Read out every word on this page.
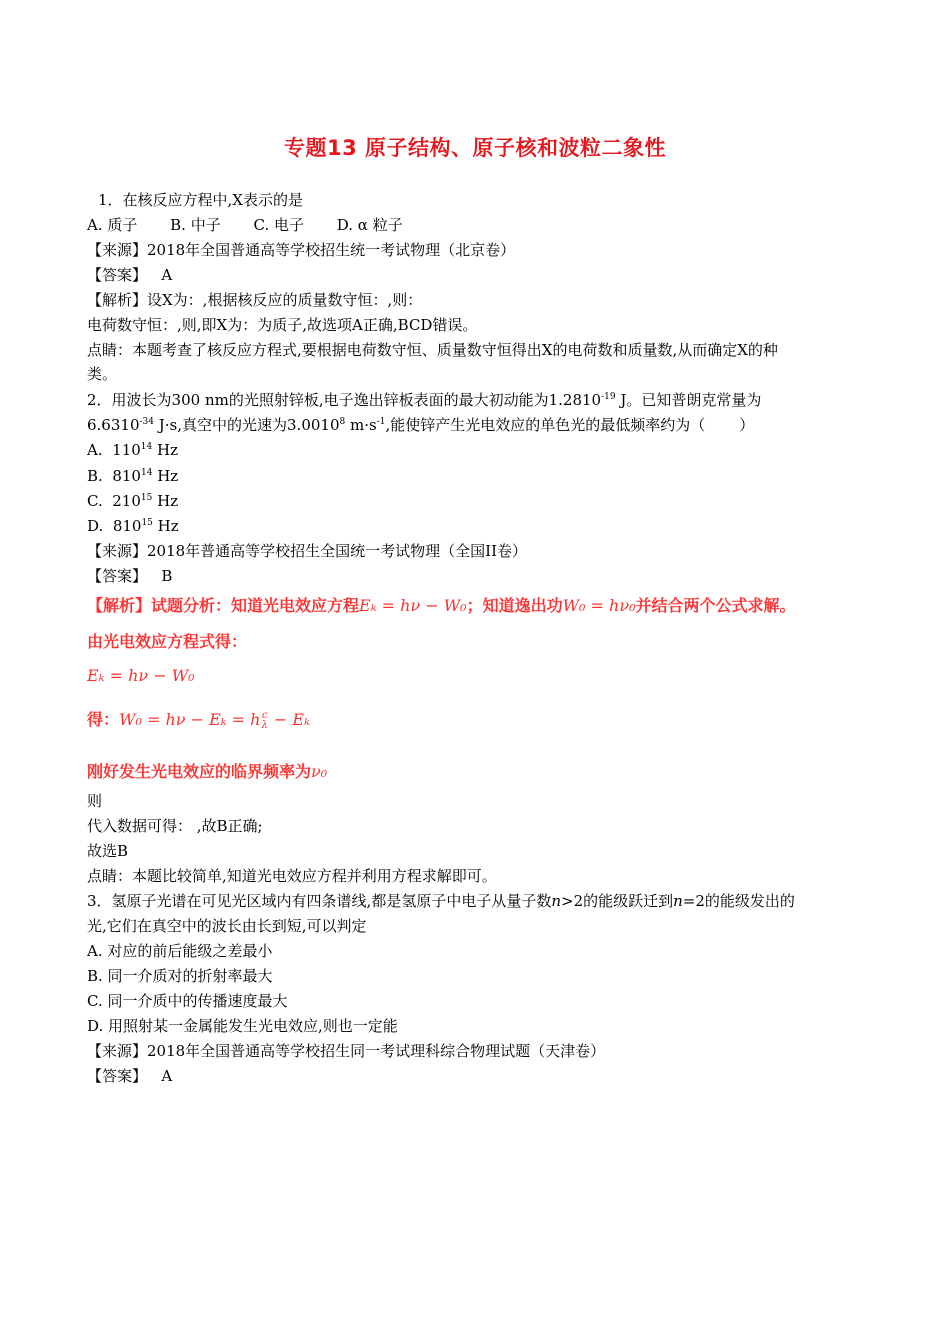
专题13 原子结构、原子核和波粒二象性
1．在核反应方程中,X表示的是
A. 质子 B. 中子 C. 电子 D. α 粒子
【来源】2018年全国普通高等学校招生统一考试物理（北京卷）
【答案】 A
【解析】设X为：,根据核反应的质量数守恒：,则：
电荷数守恒：,则,即X为：为质子,故选项A正确,BCD错误。
点睛：本题考查了核反应方程式,要根据电荷数守恒、质量数守恒得出X的电荷数和质量数,从而确定X的种
类。
2．用波长为300 nm的光照射锌板,电子逸出锌板表面的最大初动能为$1.2810^{-19}$ J。已知普朗克常量为
$6.6310^{-34}$ J·s,真空中的光速为3.0010$^8$ $m\cdot s^{-1}$,能使锌产生光电效应的单色光的最低频率约为（ ）
A. $110^{14}$ Hz
B. $810^{14}$ Hz
C. $210^{15}$ Hz
D. $810^{15}$ Hz
【来源】2018年普通高等学校招生全国统一考试物理（全国II卷）
【答案】 B
【解析】试题分析：知道光电效应方程Eₖ = hν − W₀；知道逸出功W₀ = hν₀并结合两个公式求解。
由光电效应方程式得：
Eₖ = hν − W₀
得：W₀ = hν − Eₖ = h c
λ − Eₖ
刚好发生光电效应的临界频率为ν₀
则
代入数据可得： ,故B正确;
故选B
点睛：本题比较简单,知道光电效应方程并利用方程求解即可。
3．氢原子光谱在可见光区域内有四条谱线,都是氢原子中电子从量子数n>2的能级跃迁到n=2的能级发出的
光,它们在真空中的波长由长到短,可以判定
A. 对应的前后能级之差最小
B. 同一介质对的折射率最大
C. 同一介质中的传播速度最大
D. 用照射某一金属能发生光电效应,则也一定能
【来源】2018年全国普通高等学校招生同一考试理科综合物理试题（天津卷）
【答案】 A
